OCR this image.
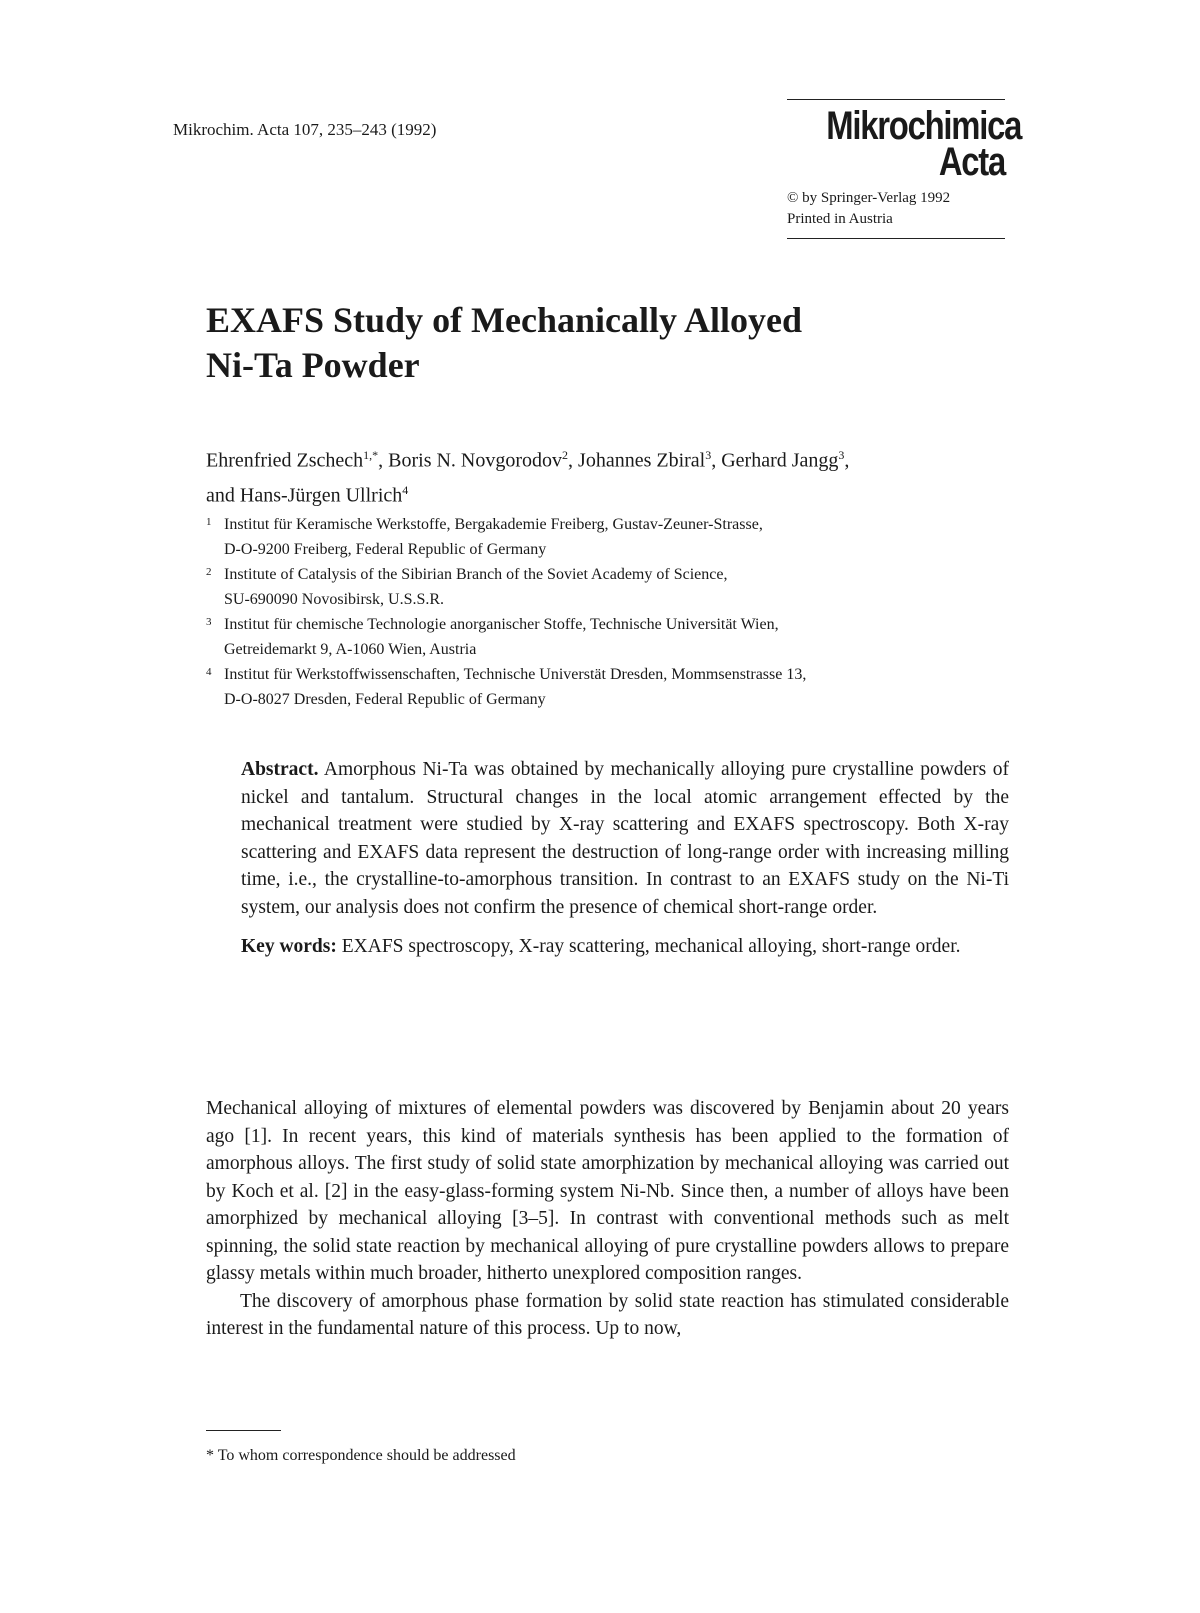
Mikrochim. Acta 107, 235–243 (1992)	Mikrochimica
Acta
© by Springer-Verlag 1992
Printed in Austria
EXAFS Study of Mechanically Alloyed
Ni-Ta Powder
Ehrenfried Zschech$^{1,*}$, Boris N. Novgorodov$^2$, Johannes Zbiral$^3$, Gerhard Jangg$^3$,
and Hans-Jürgen Ullrich$^4$
1 Institut für Keramische Werkstoffe, Bergakademie Freiberg, Gustav-Zeuner-Strasse,
D-O-9200 Freiberg, Federal Republic of Germany
2 Institute of Catalysis of the Sibirian Branch of the Soviet Academy of Science,
SU-690090 Novosibirsk, U.S.S.R.
3 Institut für chemische Technologie anorganischer Stoffe, Technische Universität Wien,
Getreidemarkt 9, A-1060 Wien, Austria
4 Institut für Werkstoffwissenschaften, Technische Universtät Dresden, Mommsenstrasse 13,
D-O-8027 Dresden, Federal Republic of Germany
Abstract. Amorphous Ni-Ta was obtained by mechanically alloying pure crystalline powders of nickel and tantalum. Structural changes in the local atomic arrangement effected by the mechanical treatment were studied by X-ray scattering and EXAFS spectroscopy. Both X-ray scattering and EXAFS data represent the destruction of long-range order with increasing milling time, i.e., the crystalline-to-amorphous transition. In contrast to an EXAFS study on the Ni-Ti system, our analysis does not confirm the presence of chemical short-range order.
Key words: EXAFS spectroscopy, X-ray scattering, mechanical alloying, short-range order.

Mechanical alloying of mixtures of elemental powders was discovered by Benjamin about 20 years ago [1]. In recent years, this kind of materials synthesis has been applied to the formation of amorphous alloys. The first study of solid state amorphization by mechanical alloying was carried out by Koch et al. [2] in the easy-glass-forming system Ni-Nb. Since then, a number of alloys have been amorphized by mechanical alloying [3–5]. In contrast with conventional methods such as melt spinning, the solid state reaction by mechanical alloying of pure crystalline powders allows to prepare glassy metals within much broader, hitherto unexplored composition ranges.

The discovery of amorphous phase formation by solid state reaction has stimulated considerable interest in the fundamental nature of this process. Up to now,

* To whom correspondence should be addressed
